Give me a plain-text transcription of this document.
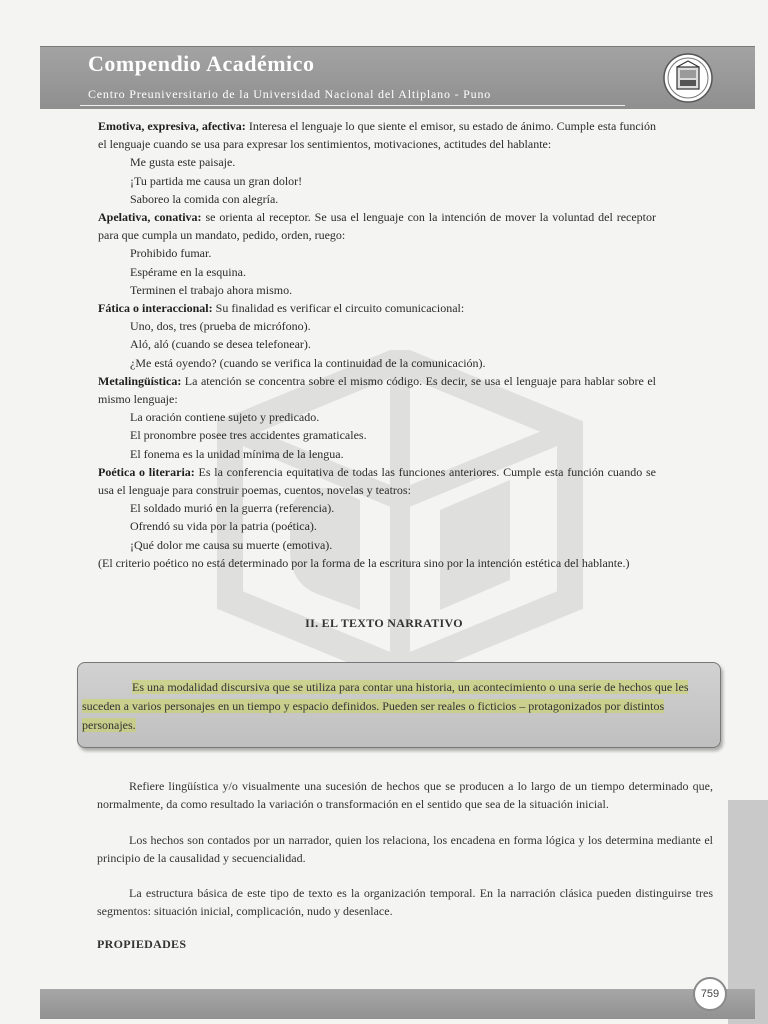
Compendio Académico
Centro Preuniversitario de la Universidad Nacional del Altiplano - Puno

Emotiva, expresiva, afectiva: Interesa el lenguaje lo que siente el emisor, su estado de ánimo. Cumple esta función el lenguaje cuando se usa para expresar los sentimientos, motivaciones, actitudes del hablante:

Me gusta este paisaje.

¡Tu partida me causa un gran dolor!

Saboreo la comida con alegría.

Apelativa, conativa: se orienta al receptor. Se usa el lenguaje con la intención de mover la voluntad del receptor para que cumpla un mandato, pedido, orden, ruego:

Prohibido fumar.

Espérame en la esquina.

Terminen el trabajo ahora mismo.

Fática o interaccional: Su finalidad es verificar el circuito comunicacional:

Uno, dos, tres (prueba de micrófono).

Aló, aló (cuando se desea telefonear).

¿Me está oyendo? (cuando se verifica la continuidad de la comunicación).

Metalingüística: La atención se concentra sobre el mismo código. Es decir, se usa el lenguaje para hablar sobre el mismo lenguaje:

La oración contiene sujeto y predicado.

El pronombre posee tres accidentes gramaticales.

El fonema es la unidad mínima de la lengua.

Poética o literaria: Es la conferencia equitativa de todas las funciones anteriores. Cumple esta función cuando se usa el lenguaje para construir poemas, cuentos, novelas y teatros:

El soldado murió en la guerra (referencia).

Ofrendó su vida por la patria (poética).

¡Qué dolor me causa su muerte (emotiva).

(El criterio poético no está determinado por la forma de la escritura sino por la intención estética del hablante.)

II. EL TEXTO NARRATIVO
Es una modalidad discursiva que se utiliza para contar una historia, un acontecimiento o una serie de hechos que les suceden a varios personajes en un tiempo y espacio definidos. Pueden ser reales o ficticios – protagonizados por distintos personajes.
Refiere lingüística y/o visualmente una sucesión de hechos que se producen a lo largo de un tiempo determinado que, normalmente, da como resultado la variación o transformación en el sentido que sea de la situación inicial.
Los hechos son contados por un narrador, quien los relaciona, los encadena en forma lógica y los determina mediante el principio de la causalidad y secuencialidad.
La estructura básica de este tipo de texto es la organización temporal. En la narración clásica pueden distinguirse tres segmentos: situación inicial, complicación, nudo y desenlace.
PROPIEDADES
759
